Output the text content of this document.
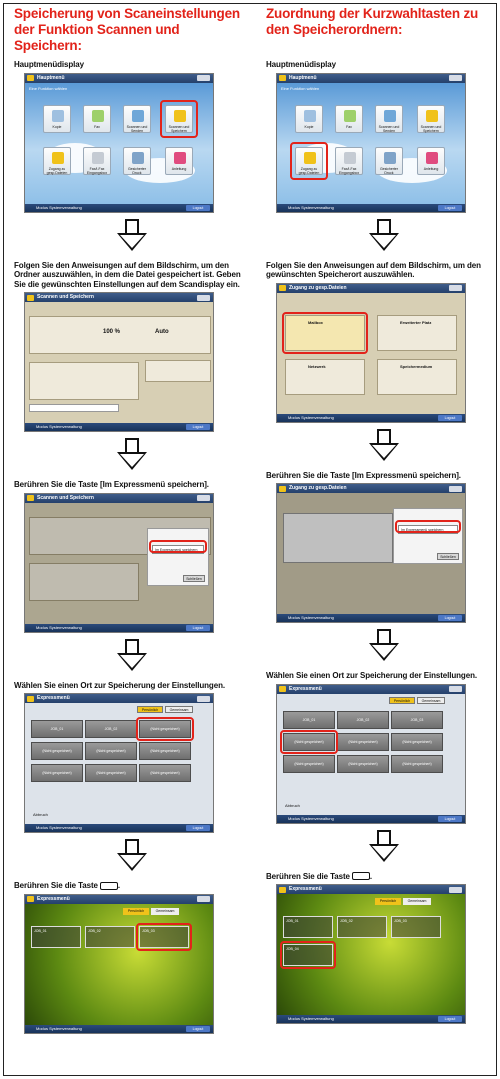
Speicherung von Scaneinstellungen der Funktion Scannen und Speichern:
Hauptmenüdisplay
Hauptmenü
Eine Funktion wählen
Kopie	Fax	Scannen und Senden
Scannen und Speichern
Zugang zu gesp.Dateien
Fax/I-Fax Eingangsbox
Gesicherter Druck
Anleitung
Modus Systemverwaltung	Logout
Folgen Sie den Anweisungen auf dem Bildschirm, um den Ordner auszuwählen, in dem die Datei gespeichert ist. Geben Sie die gewünschten Einstellungen auf dem Scandisplay ein.
Scannen und Speichern
100 %	Auto
Modus Systemverwaltung	Logout
Berühren Sie die Taste [Im Expressmenü speichern].
Scannen und Speichern
Im Expressmenü speichern
Schließen
Modus Systemverwaltung	Logout
Wählen Sie einen Ort zur Speicherung der Einstellungen.
Expressmenü
Persönlich	Gemeinsam
JOB_01	JOB_02	(Nicht gespeichert)
(Nicht gespeichert)	(Nicht gespeichert)	(Nicht gespeichert)
(Nicht gespeichert)	(Nicht gespeichert)	(Nicht gespeichert)
Abbruch
Modus Systemverwaltung	Logout
Berühren Sie die Taste	.
Expressmenü
Persönlich	Gemeinsam
JOB_01	JOB_02	JOB_03
Modus Systemverwaltung	Logout
Zuordnung der Kurzwahltasten zu den Speicherordnern:
Hauptmenüdisplay
Hauptmenü
Eine Funktion wählen
Kopie	Fax	Scannen und Senden
Scannen und Speichern
Zugang zu gesp.Dateien
Fax/I-Fax Eingangsbox
Gesicherter Druck
Anleitung
Modus Systemverwaltung	Logout
Folgen Sie den Anweisungen auf dem Bildschirm, um den gewünschten Speicherort auszuwählen.
Zugang zu gesp.Dateien
Mailbox	Erweiterter Platz
Netzwerk	Speichermedium
Modus Systemverwaltung	Logout
Berühren Sie die Taste [Im Expressmenü speichern].
Zugang zu gesp.Dateien
Im Expressmenü speichern
Schließen
Modus Systemverwaltung	Logout
Wählen Sie einen Ort zur Speicherung der Einstellungen.
Expressmenü
Persönlich	Gemeinsam
JOB_01	JOB_02	JOB_03
(Nicht gespeichert)	(Nicht gespeichert)	(Nicht gespeichert)
(Nicht gespeichert)	(Nicht gespeichert)	(Nicht gespeichert)
Abbruch
Modus Systemverwaltung	Logout
Berühren Sie die Taste	.
Expressmenü
Persönlich	Gemeinsam
JOB_01	JOB_02	JOB_03
JOB_04
Modus Systemverwaltung	Logout
